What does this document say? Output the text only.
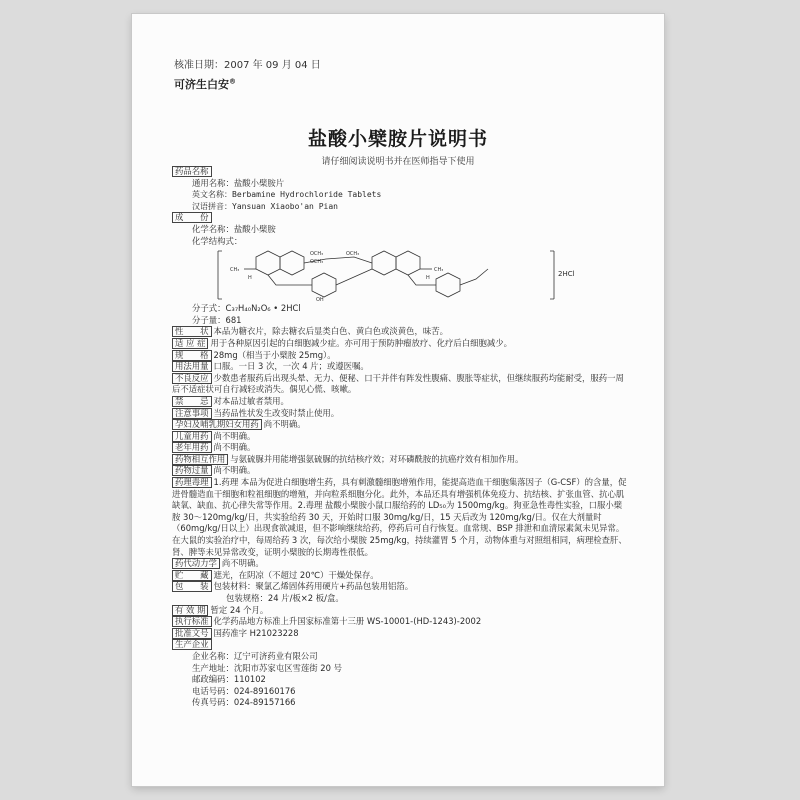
核准日期：2007 年 09 月 04 日
可济生白安®
盐酸小檗胺片说明书
请仔细阅读说明书并在医师指导下使用
药品名称
通用名称：盐酸小檗胺片
英文名称：Berbamine Hydrochloride Tablets
汉语拼音：Yansuan Xiaobo'an Pian
成　　份
化学名称：盐酸小檗胺
化学结构式：
CH₃
H
OCH₃
OCH₃
OCH₃
CH₃
H
OH
2HCl
分子式：C₃₇H₄₀N₂O₆ • 2HCl
分子量：681
性　　状 本品为糖衣片，除去糖衣后显类白色、黄白色或淡黄色，味苦。
适 应 症 用于各种原因引起的白细胞减少症。亦可用于预防肿瘤放疗、化疗后白细胞减少。
规　　格 28mg（相当于小檗胺 25mg）。
用法用量 口服。一日 3 次，一次 4 片；或遵医嘱。
不良反应 少数患者服药后出现头晕、无力、便秘、口干并伴有阵发性腹痛、腹胀等症状，但继续服药均能耐受，服药一周后不适症状可自行减轻或消失。偶见心慌、咳嗽。
禁　　忌 对本品过敏者禁用。
注意事项 当药品性状发生改变时禁止使用。
孕妇及哺乳期妇女用药 尚不明确。
儿童用药 尚不明确。
老年用药 尚不明确。
药物相互作用 与氨硫脲并用能增强氨硫脲的抗结核疗效；对环磷酰胺的抗癌疗效有相加作用。
药物过量 尚不明确。
药理毒理 1.药理 本品为促进白细胞增生药，具有刺激髓细胞增殖作用，能提高造血干细胞集落因子（G-CSF）的含量，促进骨髓造血干细胞和粒祖细胞的增殖，并向粒系细胞分化。此外，本品还具有增强机体免疫力、抗结核、扩张血管、抗心肌缺氧、缺血、抗心律失常等作用。2.毒理 盐酸小檗胺小鼠口服给药的 LD₅₀为 1500mg/kg。狗亚急性毒性实验，口服小檗胺 30～120mg/kg/日，共实验给药 30 天，开始时口服 30mg/kg/日，15 天后改为 120mg/kg/日。仅在大剂量时（60mg/kg/日以上）出现食欲减退，但不影响继续给药，停药后可自行恢复。血常规、BSP 排泄和血清尿素氮未见异常。在大鼠的实验治疗中，每周给药 3 次，每次给小檗胺 25mg/kg，持续灌胃 5 个月，动物体重与对照组相同，病理检查肝、肾、脾等未见异常改变，证明小檗胺的长期毒性很低。
药代动力学 尚不明确。
贮　　藏 遮光，在阴凉（不超过 20℃）干燥处保存。
包　　装 包装材料：聚氯乙烯固体药用硬片+药品包装用铝箔。
包装规格：24 片/板×2 板/盒。
有 效 期 暂定 24 个月。
执行标准 化学药品地方标准上升国家标准第十三册 WS-10001-(HD-1243)-2002
批准文号 国药准字 H21023228
生产企业
企业名称：辽宁可济药业有限公司
生产地址：沈阳市苏家屯区雪莲街 20 号
邮政编码：110102
电话号码：024-89160176
传真号码：024-89157166
